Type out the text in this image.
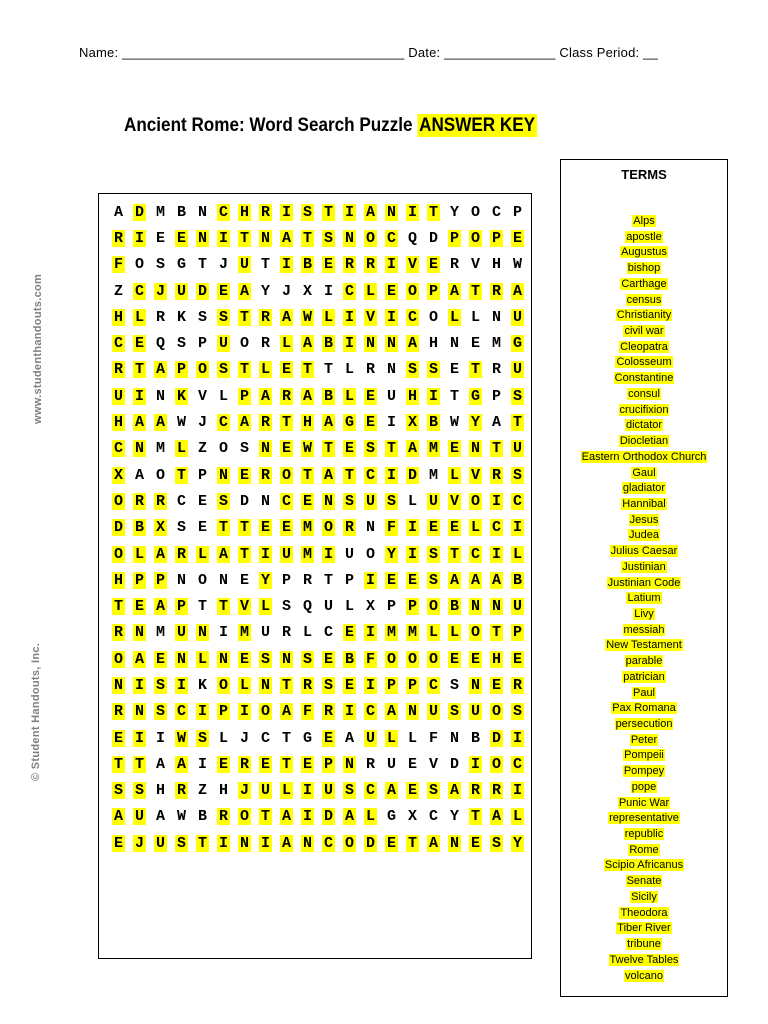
Name: ______________________________________ Date: _______________ Class Period: __
Ancient Rome: Word Search Puzzle ANSWER KEY
www.studenthandouts.com
© Student Handouts, Inc.
A D M B N C H R I S T I A N I T Y O C P
R I E E N I T N A T S N O C Q D P O P E
F O S G T J U T I B E R R I V E R V H W
Z C J U D E A Y J X I C L E O P A T R A
H L R K S S T R A W L I V I C O L L N U
C E Q S P U O R L A B I N N A H N E M G
R T A P O S T L E T T L R N S S E T R U
U I N K V L P A R A B L E U H I T G P S
H A A W J C A R T H A G E I X B W Y A T
C N M L Z O S N E W T E S T A M E N T U
X A O T P N E R O T A T C I D M L V R S
O R R C E S D N C E N S U S L U V O I C
D B X S E T T E E M O R N F I E E L C I
O L A R L A T I U M I U O Y I S T C I L
H P P N O N E Y P R T P I E E S A A A B
T E A P T T V L S Q U L X P P O B N N U
R N M U N I M U R L C E I M M L L O T P
O A E N L N E S N S E B F O O O E E H E
N I S I K O L N T R S E I P P C S N E R
R N S C I P I O A F R I C A N U S U O S
E I I W S L J C T G E A U L L F N B D I
T T A A I E R E T E P N R U E V D I O C
S S H R Z H J U L I U S C A E S A R R I
A U A W B R O T A I D A L G X C Y T A L
E J U S T I N I A N C O D E T A N E S Y
TERMS
Alps
apostle
Augustus
bishop
Carthage
census
Christianity
civil war
Cleopatra
Colosseum
Constantine
consul
crucifixion
dictator
Diocletian
Eastern Orthodox Church
Gaul
gladiator
Hannibal
Jesus
Judea
Julius Caesar
Justinian
Justinian Code
Latium
Livy
messiah
New Testament
parable
patrician
Paul
Pax Romana
persecution
Peter
Pompeii
Pompey
pope
Punic War
representative
republic
Rome
Scipio Africanus
Senate
Sicily
Theodora
Tiber River
tribune
Twelve Tables
volcano
